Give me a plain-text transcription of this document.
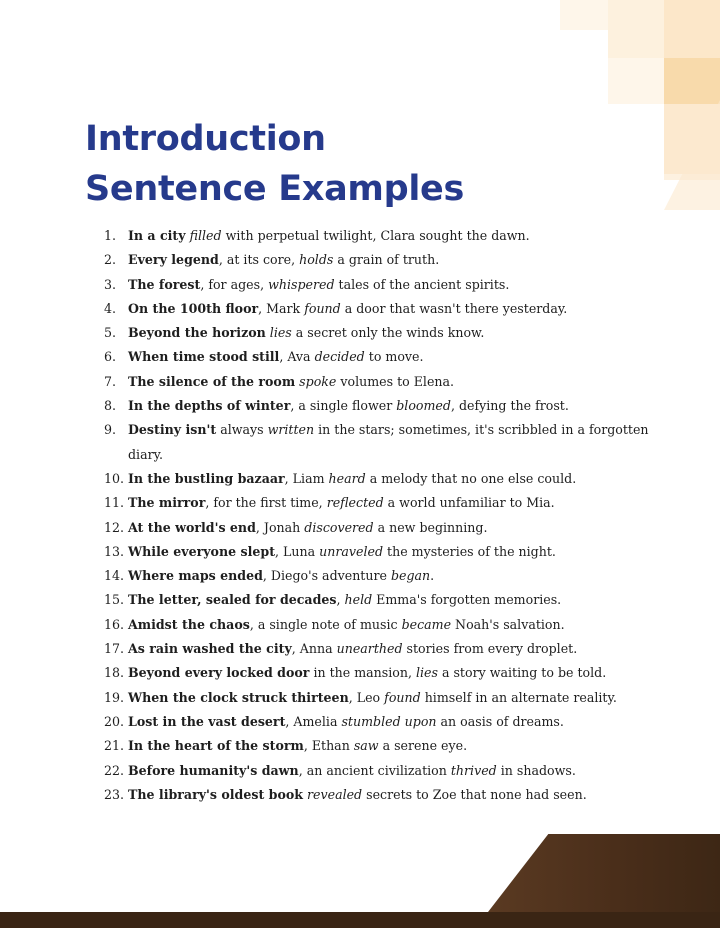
Introduction
Sentence Examples
1. In a city filled with perpetual twilight, Clara sought the dawn.
2. Every legend, at its core, holds a grain of truth.
3. The forest, for ages, whispered tales of the ancient spirits.
4. On the 100th floor, Mark found a door that wasn't there yesterday.
5. Beyond the horizon lies a secret only the winds know.
6. When time stood still, Ava decided to move.
7. The silence of the room spoke volumes to Elena.
8. In the depths of winter, a single flower bloomed, defying the frost.
9. Destiny isn't always written in the stars; sometimes, it's scribbled in a forgotten diary.
10. In the bustling bazaar, Liam heard a melody that no one else could.
11. The mirror, for the first time, reflected a world unfamiliar to Mia.
12. At the world's end, Jonah discovered a new beginning.
13. While everyone slept, Luna unraveled the mysteries of the night.
14. Where maps ended, Diego's adventure began.
15. The letter, sealed for decades, held Emma's forgotten memories.
16. Amidst the chaos, a single note of music became Noah's salvation.
17. As rain washed the city, Anna unearthed stories from every droplet.
18. Beyond every locked door in the mansion, lies a story waiting to be told.
19. When the clock struck thirteen, Leo found himself in an alternate reality.
20. Lost in the vast desert, Amelia stumbled upon an oasis of dreams.
21. In the heart of the storm, Ethan saw a serene eye.
22. Before humanity's dawn, an ancient civilization thrived in shadows.
23. The library's oldest book revealed secrets to Zoe that none had seen.
